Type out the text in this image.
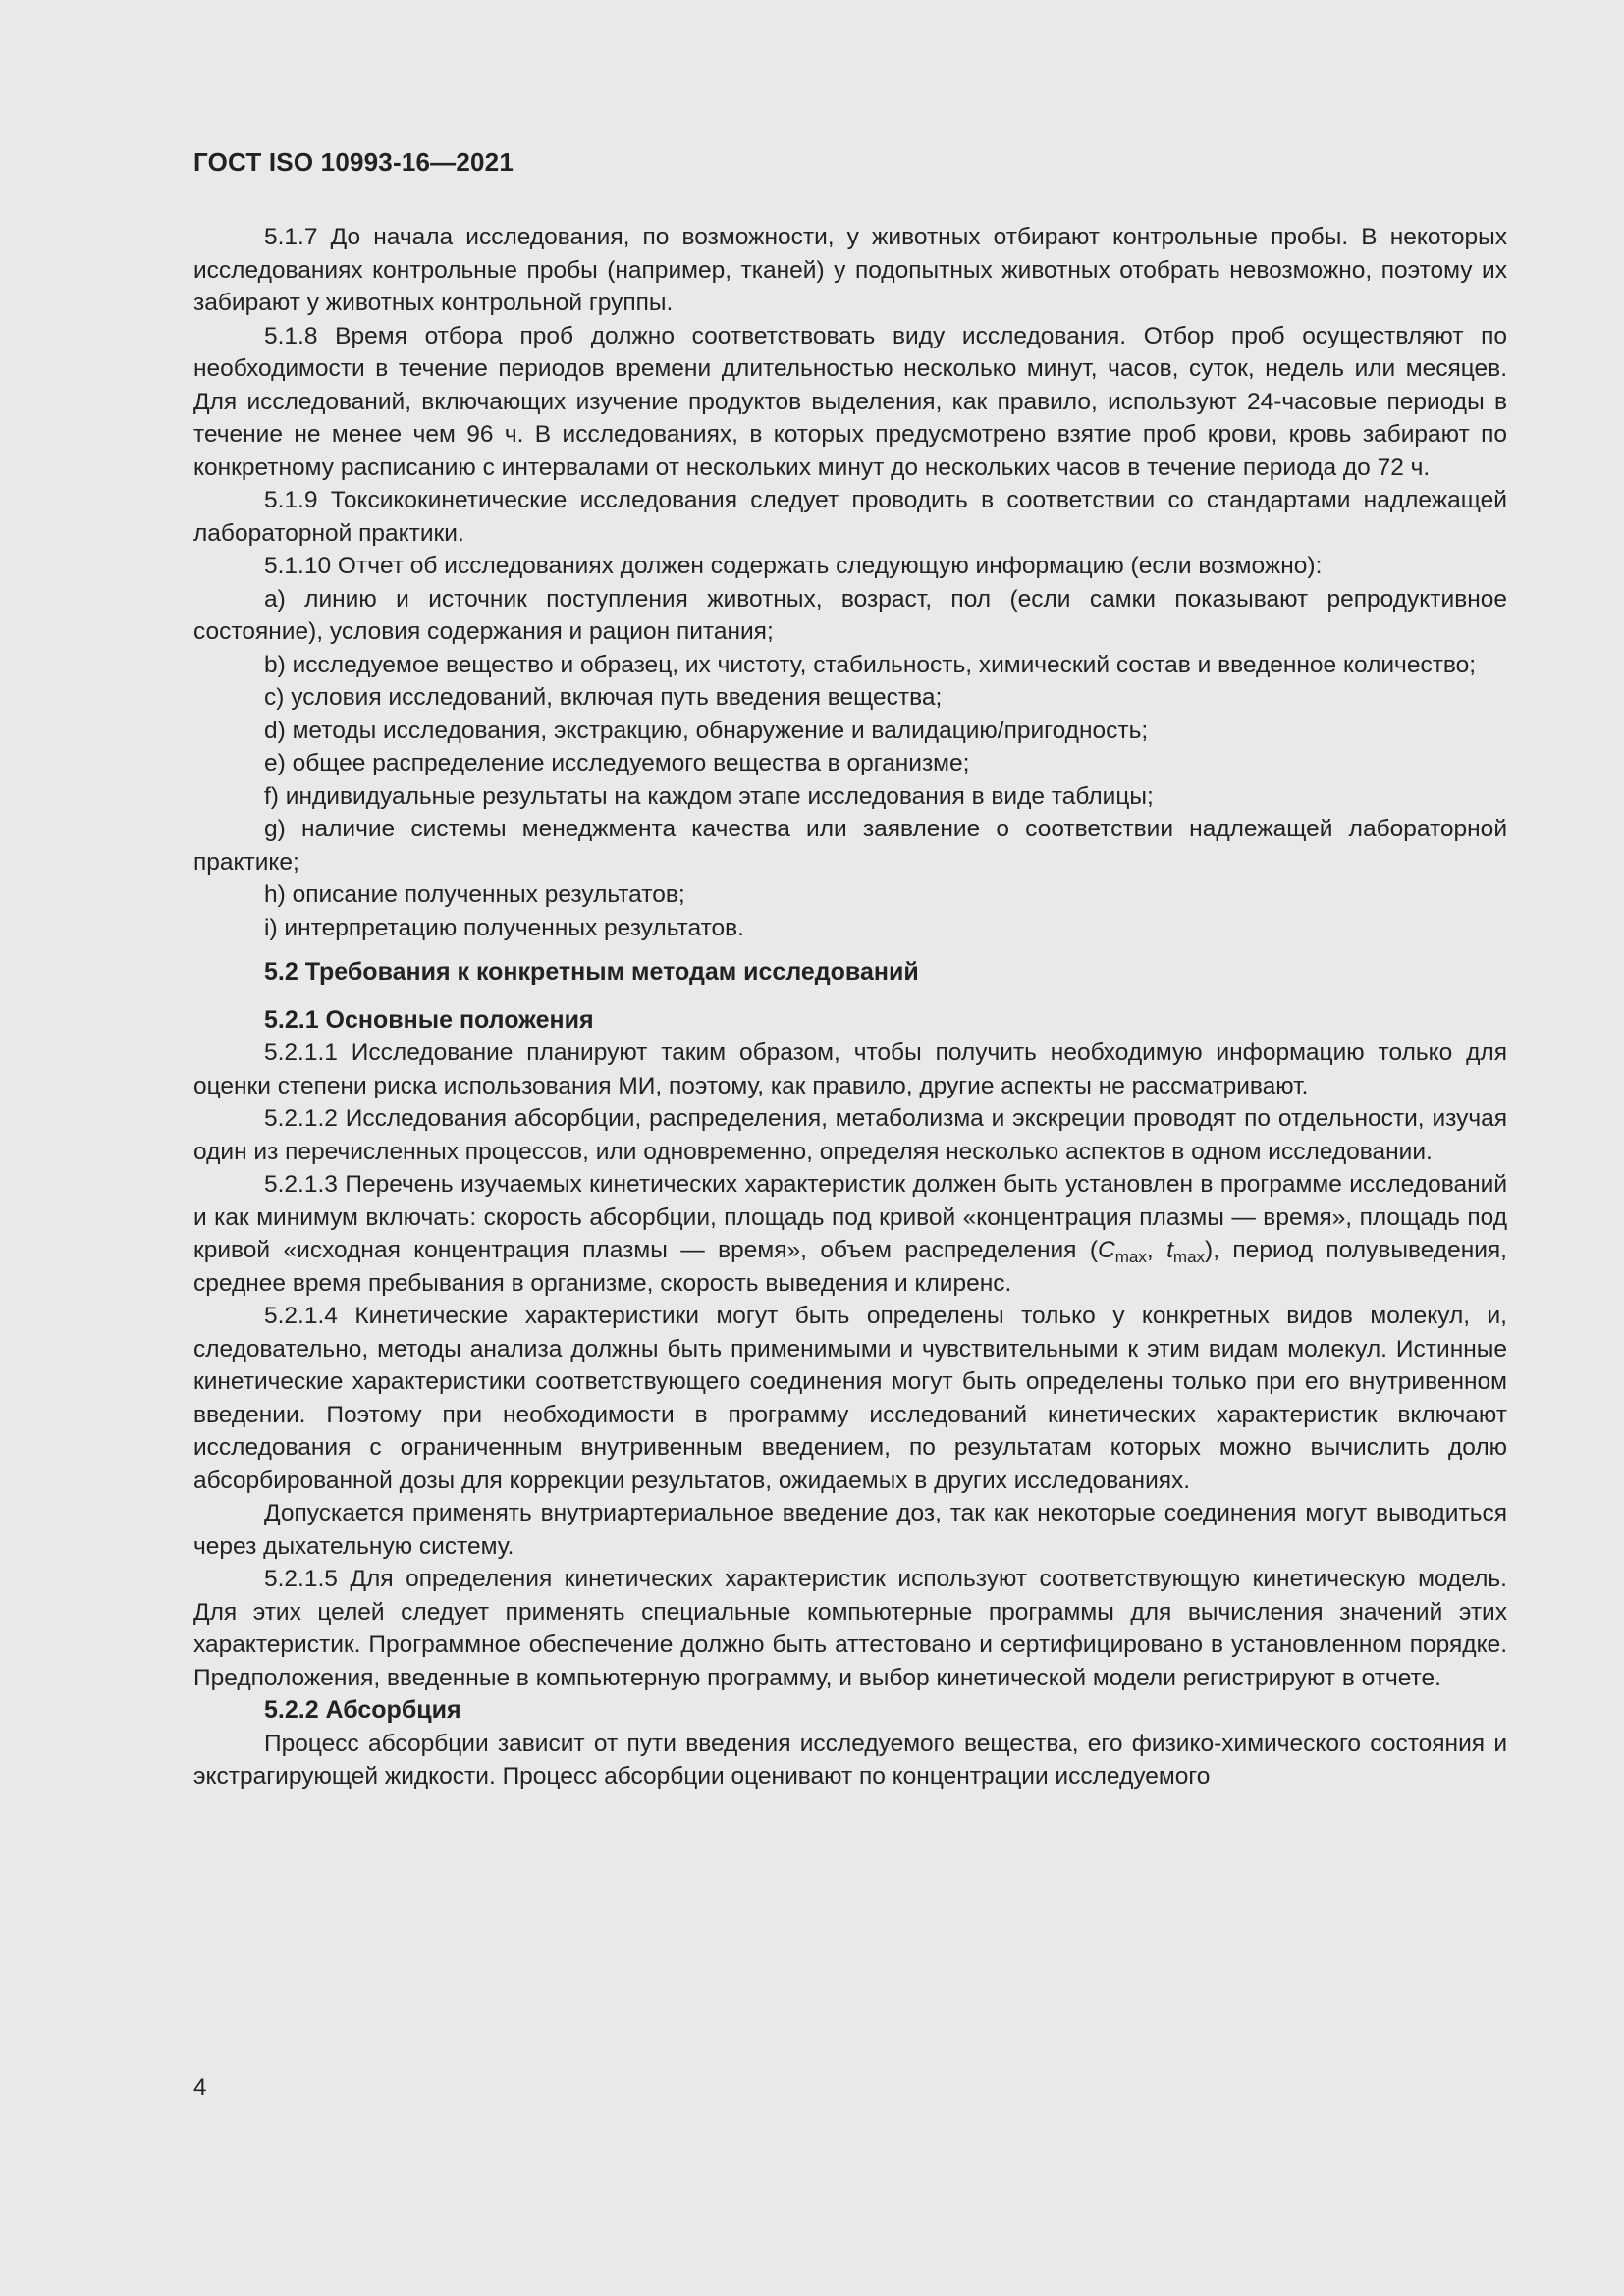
ГОСТ ISO 10993-16—2021

5.1.7 До начала исследования, по возможности, у животных отбирают контрольные пробы. В некоторых исследованиях контрольные пробы (например, тканей) у подопытных животных отобрать невозможно, поэтому их забирают у животных контрольной группы.

5.1.8 Время отбора проб должно соответствовать виду исследования. Отбор проб осуществляют по необходимости в течение периодов времени длительностью несколько минут, часов, суток, недель или месяцев. Для исследований, включающих изучение продуктов выделения, как правило, используют 24-часовые периоды в течение не менее чем 96 ч. В исследованиях, в которых предусмотрено взятие проб крови, кровь забирают по конкретному расписанию с интервалами от нескольких минут до нескольких часов в течение периода до 72 ч.

5.1.9 Токсикокинетические исследования следует проводить в соответствии со стандартами надлежащей лабораторной практики.

5.1.10 Отчет об исследованиях должен содержать следующую информацию (если возможно):

a) линию и источник поступления животных, возраст, пол (если самки показывают репродуктивное состояние), условия содержания и рацион питания;

b) исследуемое вещество и образец, их чистоту, стабильность, химический состав и введенное количество;

c) условия исследований, включая путь введения вещества;

d) методы исследования, экстракцию, обнаружение и валидацию/пригодность;

e) общее распределение исследуемого вещества в организме;

f) индивидуальные результаты на каждом этапе исследования в виде таблицы;

g) наличие системы менеджмента качества или заявление о соответствии надлежащей лабораторной практике;

h) описание полученных результатов;

i) интерпретацию полученных результатов.

5.2 Требования к конкретным методам исследований
5.2.1 Основные положения

5.2.1.1 Исследование планируют таким образом, чтобы получить необходимую информацию только для оценки степени риска использования МИ, поэтому, как правило, другие аспекты не рассматривают.

5.2.1.2 Исследования абсорбции, распределения, метаболизма и экскреции проводят по отдельности, изучая один из перечисленных процессов, или одновременно, определяя несколько аспектов в одном исследовании.

5.2.1.3 Перечень изучаемых кинетических характеристик должен быть установлен в программе исследований и как минимум включать: скорость абсорбции, площадь под кривой «концентрация плазмы — время», площадь под кривой «исходная концентрация плазмы — время», объем распределения ($C_{max}$, $t_{max}$), период полувыведения, среднее время пребывания в организме, скорость выведения и клиренс.

5.2.1.4 Кинетические характеристики могут быть определены только у конкретных видов молекул, и, следовательно, методы анализа должны быть применимыми и чувствительными к этим видам молекул. Истинные кинетические характеристики соответствующего соединения могут быть определены только при его внутривенном введении. Поэтому при необходимости в программу исследований кинетических характеристик включают исследования с ограниченным внутривенным введением, по результатам которых можно вычислить долю абсорбированной дозы для коррекции результатов, ожидаемых в других исследованиях.

Допускается применять внутриартериальное введение доз, так как некоторые соединения могут выводиться через дыхательную систему.

5.2.1.5 Для определения кинетических характеристик используют соответствующую кинетическую модель. Для этих целей следует применять специальные компьютерные программы для вычисления значений этих характеристик. Программное обеспечение должно быть аттестовано и сертифицировано в установленном порядке. Предположения, введенные в компьютерную программу, и выбор кинетической модели регистрируют в отчете.

5.2.2 Абсорбция

Процесс абсорбции зависит от пути введения исследуемого вещества, его физико-химического состояния и экстрагирующей жидкости. Процесс абсорбции оценивают по концентрации исследуемого

4
